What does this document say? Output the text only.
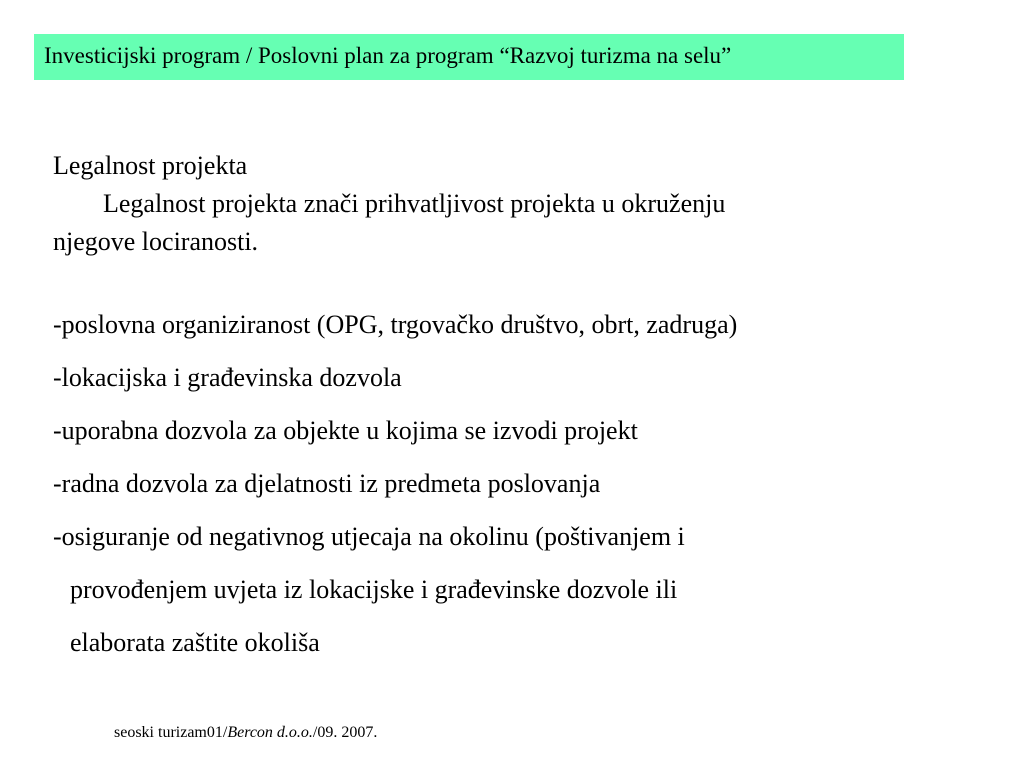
Investicijski program / Poslovni plan za program “Razvoj turizma na selu”
Legalnost projekta
Legalnost projekta znači prihvatljivost projekta u okruženju
njegove lociranosti.
-poslovna organiziranost (OPG, trgovačko društvo, obrt, zadruga)
-lokacijska i građevinska dozvola
-uporabna dozvola za objekte u kojima se izvodi projekt
-radna dozvola za djelatnosti iz predmeta poslovanja
-osiguranje od negativnog utjecaja na okolinu (poštivanjem i
provođenjem uvjeta iz lokacijske i građevinske dozvole ili
elaborata zaštite okoliša
seoski turizam01/Bercon d.o.o./09. 2007.
